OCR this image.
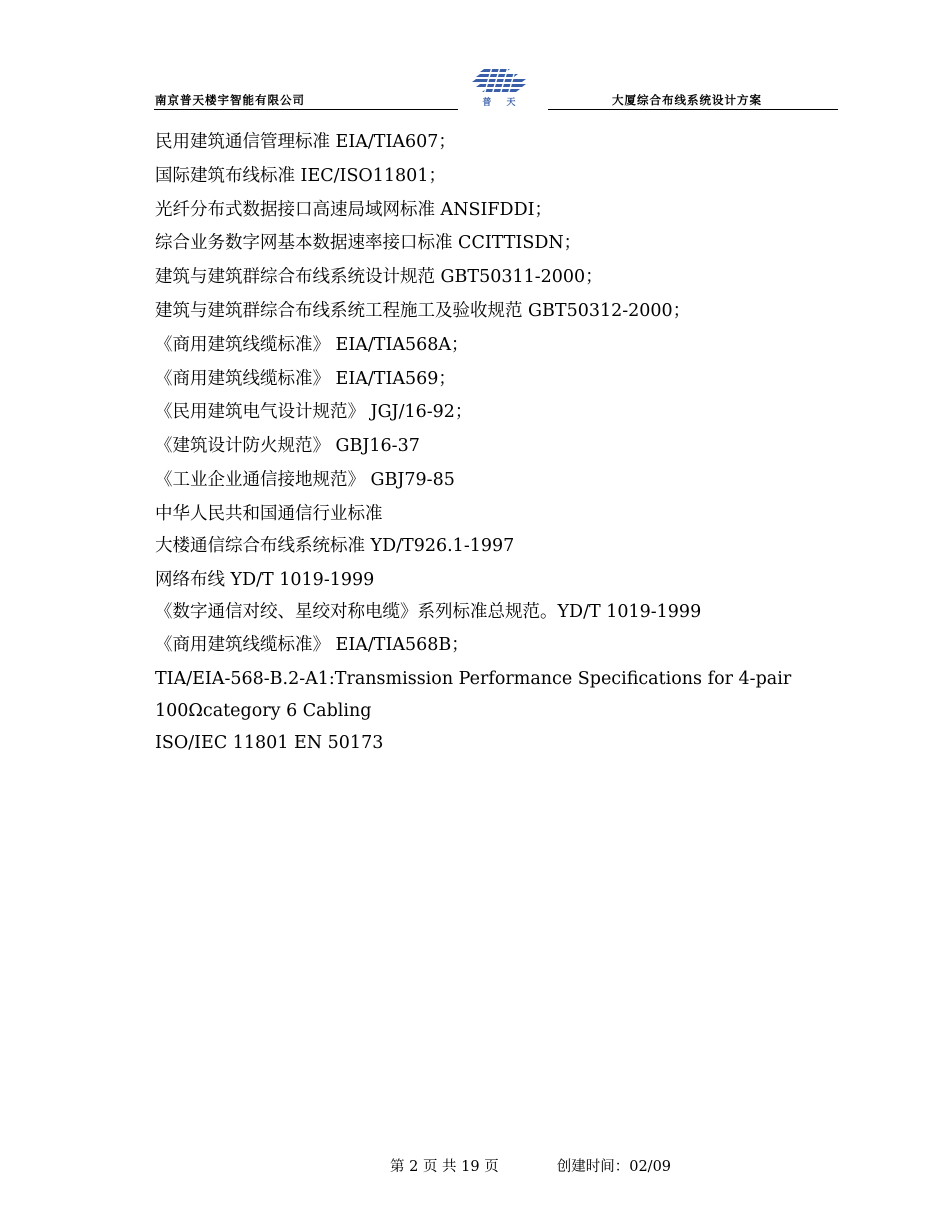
南京普天楼宇智能有限公司	普 天	大厦综合布线系统设计方案
民用建筑通信管理标准 EIA/TIA607；
国际建筑布线标准 IEC/ISO11801；
光纤分布式数据接口高速局域网标准 ANSIFDDI；
综合业务数字网基本数据速率接口标准 CCITTISDN；
建筑与建筑群综合布线系统设计规范 GBT50311-2000；
建筑与建筑群综合布线系统工程施工及验收规范 GBT50312-2000；
《商用建筑线缆标准》 EIA/TIA568A；
《商用建筑线缆标准》 EIA/TIA569；
《民用建筑电气设计规范》 JGJ/16-92；
《建筑设计防火规范》 GBJ16-37
《工业企业通信接地规范》 GBJ79-85
中华人民共和国通信行业标准
大楼通信综合布线系统标准 YD/T926.1-1997
网络布线 YD/T 1019-1999
《数字通信对绞、星绞对称电缆》系列标准总规范。YD/T 1019-1999
《商用建筑线缆标准》 EIA/TIA568B；
TIA/EIA-568-B.2-A1:Transmission Performance Specifications for 4-pair
100Ωcategory 6 Cabling
ISO/IEC 11801 EN 50173
第 2 页 共 19 页	创建时间：02/09
